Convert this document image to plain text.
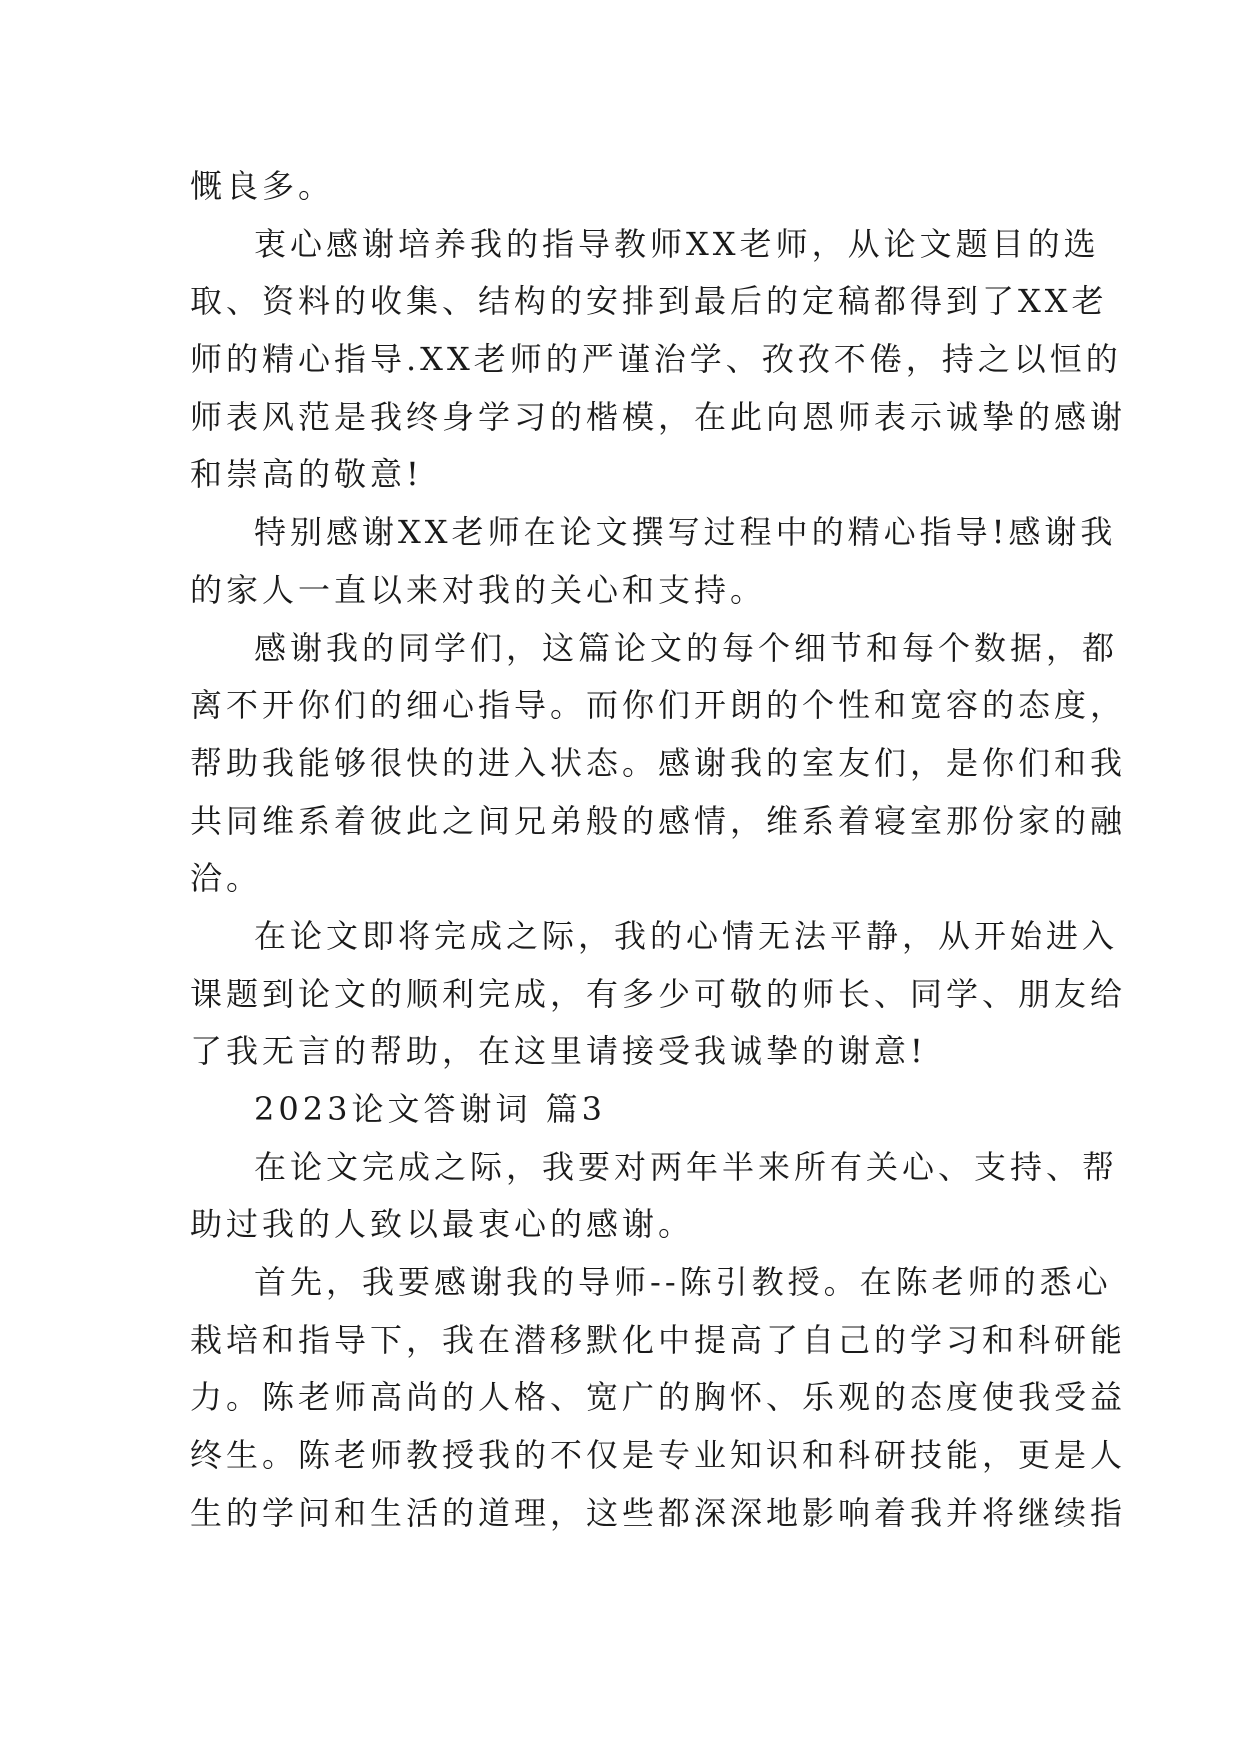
慨良多。

衷心感谢培养我的指导教师XX老师，从论文题目的选

取、资料的收集、结构的安排到最后的定稿都得到了XX老

师的精心指导.XX老师的严谨治学、孜孜不倦，持之以恒的

师表风范是我终身学习的楷模，在此向恩师表示诚挚的感谢

和崇高的敬意!

特别感谢XX老师在论文撰写过程中的精心指导!感谢我

的家人一直以来对我的关心和支持。

感谢我的同学们，这篇论文的每个细节和每个数据，都

离不开你们的细心指导。而你们开朗的个性和宽容的态度，

帮助我能够很快的进入状态。感谢我的室友们，是你们和我

共同维系着彼此之间兄弟般的感情，维系着寝室那份家的融

洽。

在论文即将完成之际，我的心情无法平静，从开始进入

课题到论文的顺利完成，有多少可敬的师长、同学、朋友给

了我无言的帮助，在这里请接受我诚挚的谢意!

2023论文答谢词 篇3

在论文完成之际，我要对两年半来所有关心、支持、帮

助过我的人致以最衷心的感谢。

首先，我要感谢我的导师--陈引教授。在陈老师的悉心

栽培和指导下，我在潜移默化中提高了自己的学习和科研能

力。陈老师高尚的人格、宽广的胸怀、乐观的态度使我受益

终生。陈老师教授我的不仅是专业知识和科研技能，更是人

生的学问和生活的道理，这些都深深地影响着我并将继续指
